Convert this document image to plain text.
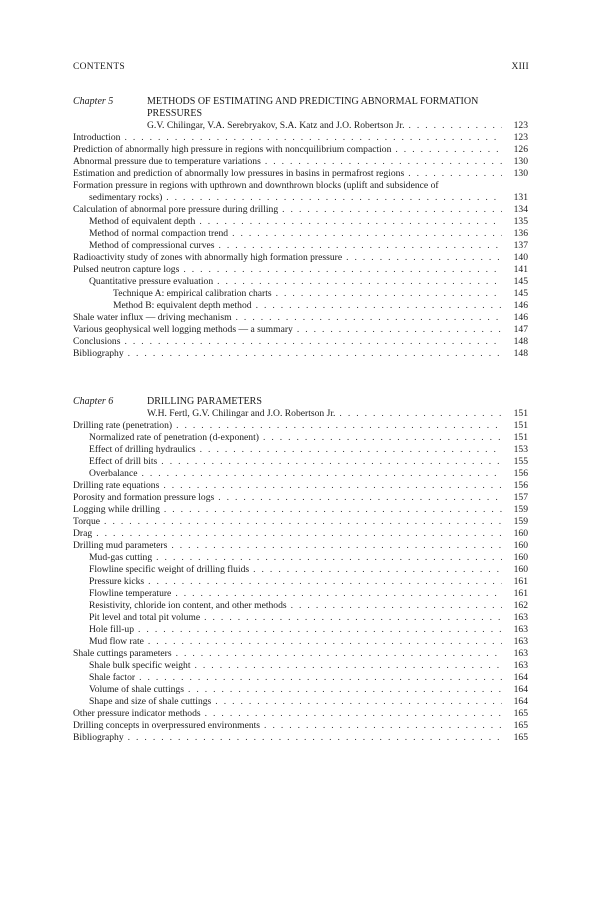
CONTENTS	XIII
Chapter 5	METHODS OF ESTIMATING AND PREDICTING ABNORMAL FORMATION PRESSURES
G.V. Chilingar, V.A. Serebryakov, S.A. Katz and J.O. Robertson Jr. . . .	123
Introduction . . .	123
Prediction of abnormally high pressure in regions with noncquilibrium compaction . . .	126
Abnormal pressure due to temperature variations . . .	130
Estimation and prediction of abnormally low pressures in basins in permafrost regions . . .	130
Formation pressure in regions with upthrown and downthrown blocks (uplift and subsidence of
sedimentary rocks) . . .	131
Calculation of abnormal pore pressure during drilling . . .	134
Method of equivalent depth . . .	135
Method of normal compaction trend . . .	136
Method of compressional curves . . .	137
Radioactivity study of zones with abnormally high formation pressure . . .	140
Pulsed neutron capture logs . . .	141
Quantitative pressure evaluation . . .	145
Technique A: empirical calibration charts . . .	145
Method B: equivalent depth method . . .	146
Shale water influx — driving mechanism . . .	146
Various geophysical well logging methods — a summary . . .	147
Conclusions . . .	148
Bibliography . . .	148
Chapter 6	DRILLING PARAMETERS
W.H. Fertl, G.V. Chilingar and J.O. Robertson Jr. . . .	151
Drilling rate (penetration) . . .	151
Normalized rate of penetration (d-exponent) . . .	151
Effect of drilling hydraulics . . .	153
Effect of drill bits . . .	155
Overbalance . . .	156
Drilling rate equations . . .	156
Porosity and formation pressure logs . . .	157
Logging while drilling . . .	159
Torque . . .	159
Drag . . .	160
Drilling mud parameters . . .	160
Mud-gas cutting . . .	160
Flowline specific weight of drilling fluids . . .	160
Pressure kicks . . .	161
Flowline temperature . . .	161
Resistivity, chloride ion content, and other methods . . .	162
Pit level and total pit volume . . .	163
Hole fill-up . . .	163
Mud flow rate . . .	163
Shale cuttings parameters . . .	163
Shale bulk specific weight . . .	163
Shale factor . . .	164
Volume of shale cuttings . . .	164
Shape and size of shale cuttings . . .	164
Other pressure indicator methods . . .	165
Drilling concepts in overpressured environments . . .	165
Bibliography . . .	165
